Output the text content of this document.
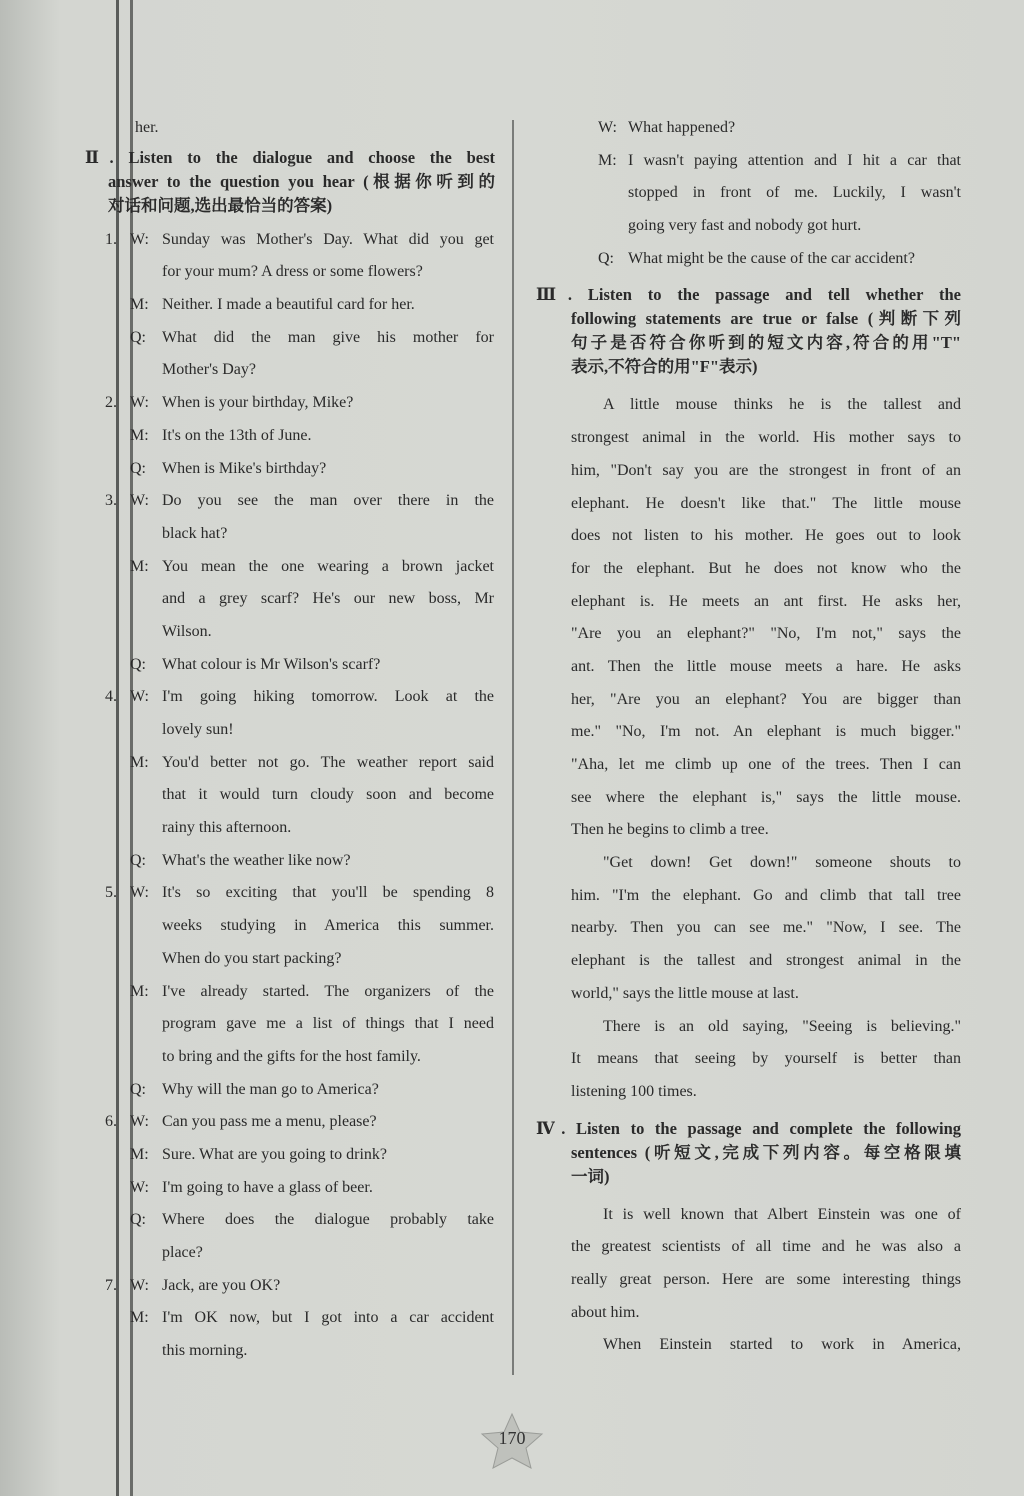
her.
Ⅱ. Listen to the dialogue and choose the best
answer to the question you hear (根据你听到的
对话和问题,选出最恰当的答案)
1. W: Sunday was Mother's Day. What did you get
for your mum? A dress or some flowers?
M: Neither. I made a beautiful card for her.
Q: What did the man give his mother for
Mother's Day?
2. W: When is your birthday, Mike?
M: It's on the 13th of June.
Q: When is Mike's birthday?
3. W: Do you see the man over there in the
black hat?
M: You mean the one wearing a brown jacket
and a grey scarf? He's our new boss, Mr
Wilson.
Q: What colour is Mr Wilson's scarf?
4. W: I'm going hiking tomorrow. Look at the
lovely sun!
M: You'd better not go. The weather report said
that it would turn cloudy soon and become
rainy this afternoon.
Q: What's the weather like now?
5. W: It's so exciting that you'll be spending 8
weeks studying in America this summer.
When do you start packing?
M: I've already started. The organizers of the
program gave me a list of things that I need
to bring and the gifts for the host family.
Q: Why will the man go to America?
6. W: Can you pass me a menu, please?
M: Sure. What are you going to drink?
W: I'm going to have a glass of beer.
Q: Where does the dialogue probably take
place?
7. W: Jack, are you OK?
M: I'm OK now, but I got into a car accident
this morning.
W: What happened?
M: I wasn't paying attention and I hit a car that
stopped in front of me. Luckily, I wasn't
going very fast and nobody got hurt.
Q: What might be the cause of the car accident?
Ⅲ. Listen to the passage and tell whether the
following statements are true or false (判断下列
句子是否符合你听到的短文内容,符合的用"T"
表示,不符合的用"F"表示)
A little mouse thinks he is the tallest and
strongest animal in the world. His mother says to
him, "Don't say you are the strongest in front of an
elephant. He doesn't like that." The little mouse
does not listen to his mother. He goes out to look
for the elephant. But he does not know who the
elephant is. He meets an ant first. He asks her,
"Are you an elephant?" "No, I'm not," says the
ant. Then the little mouse meets a hare. He asks
her, "Are you an elephant? You are bigger than
me." "No, I'm not. An elephant is much bigger."
"Aha, let me climb up one of the trees. Then I can
see where the elephant is," says the little mouse.
Then he begins to climb a tree.
"Get down! Get down!" someone shouts to
him. "I'm the elephant. Go and climb that tall tree
nearby. Then you can see me." "Now, I see. The
elephant is the tallest and strongest animal in the
world," says the little mouse at last.
There is an old saying, "Seeing is believing."
It means that seeing by yourself is better than
listening 100 times.
Ⅳ. Listen to the passage and complete the following
sentences (听短文,完成下列内容。每空格限填
一词)
It is well known that Albert Einstein was one of
the greatest scientists of all time and he was also a
really great person. Here are some interesting things
about him.
When Einstein started to work in America,
170
